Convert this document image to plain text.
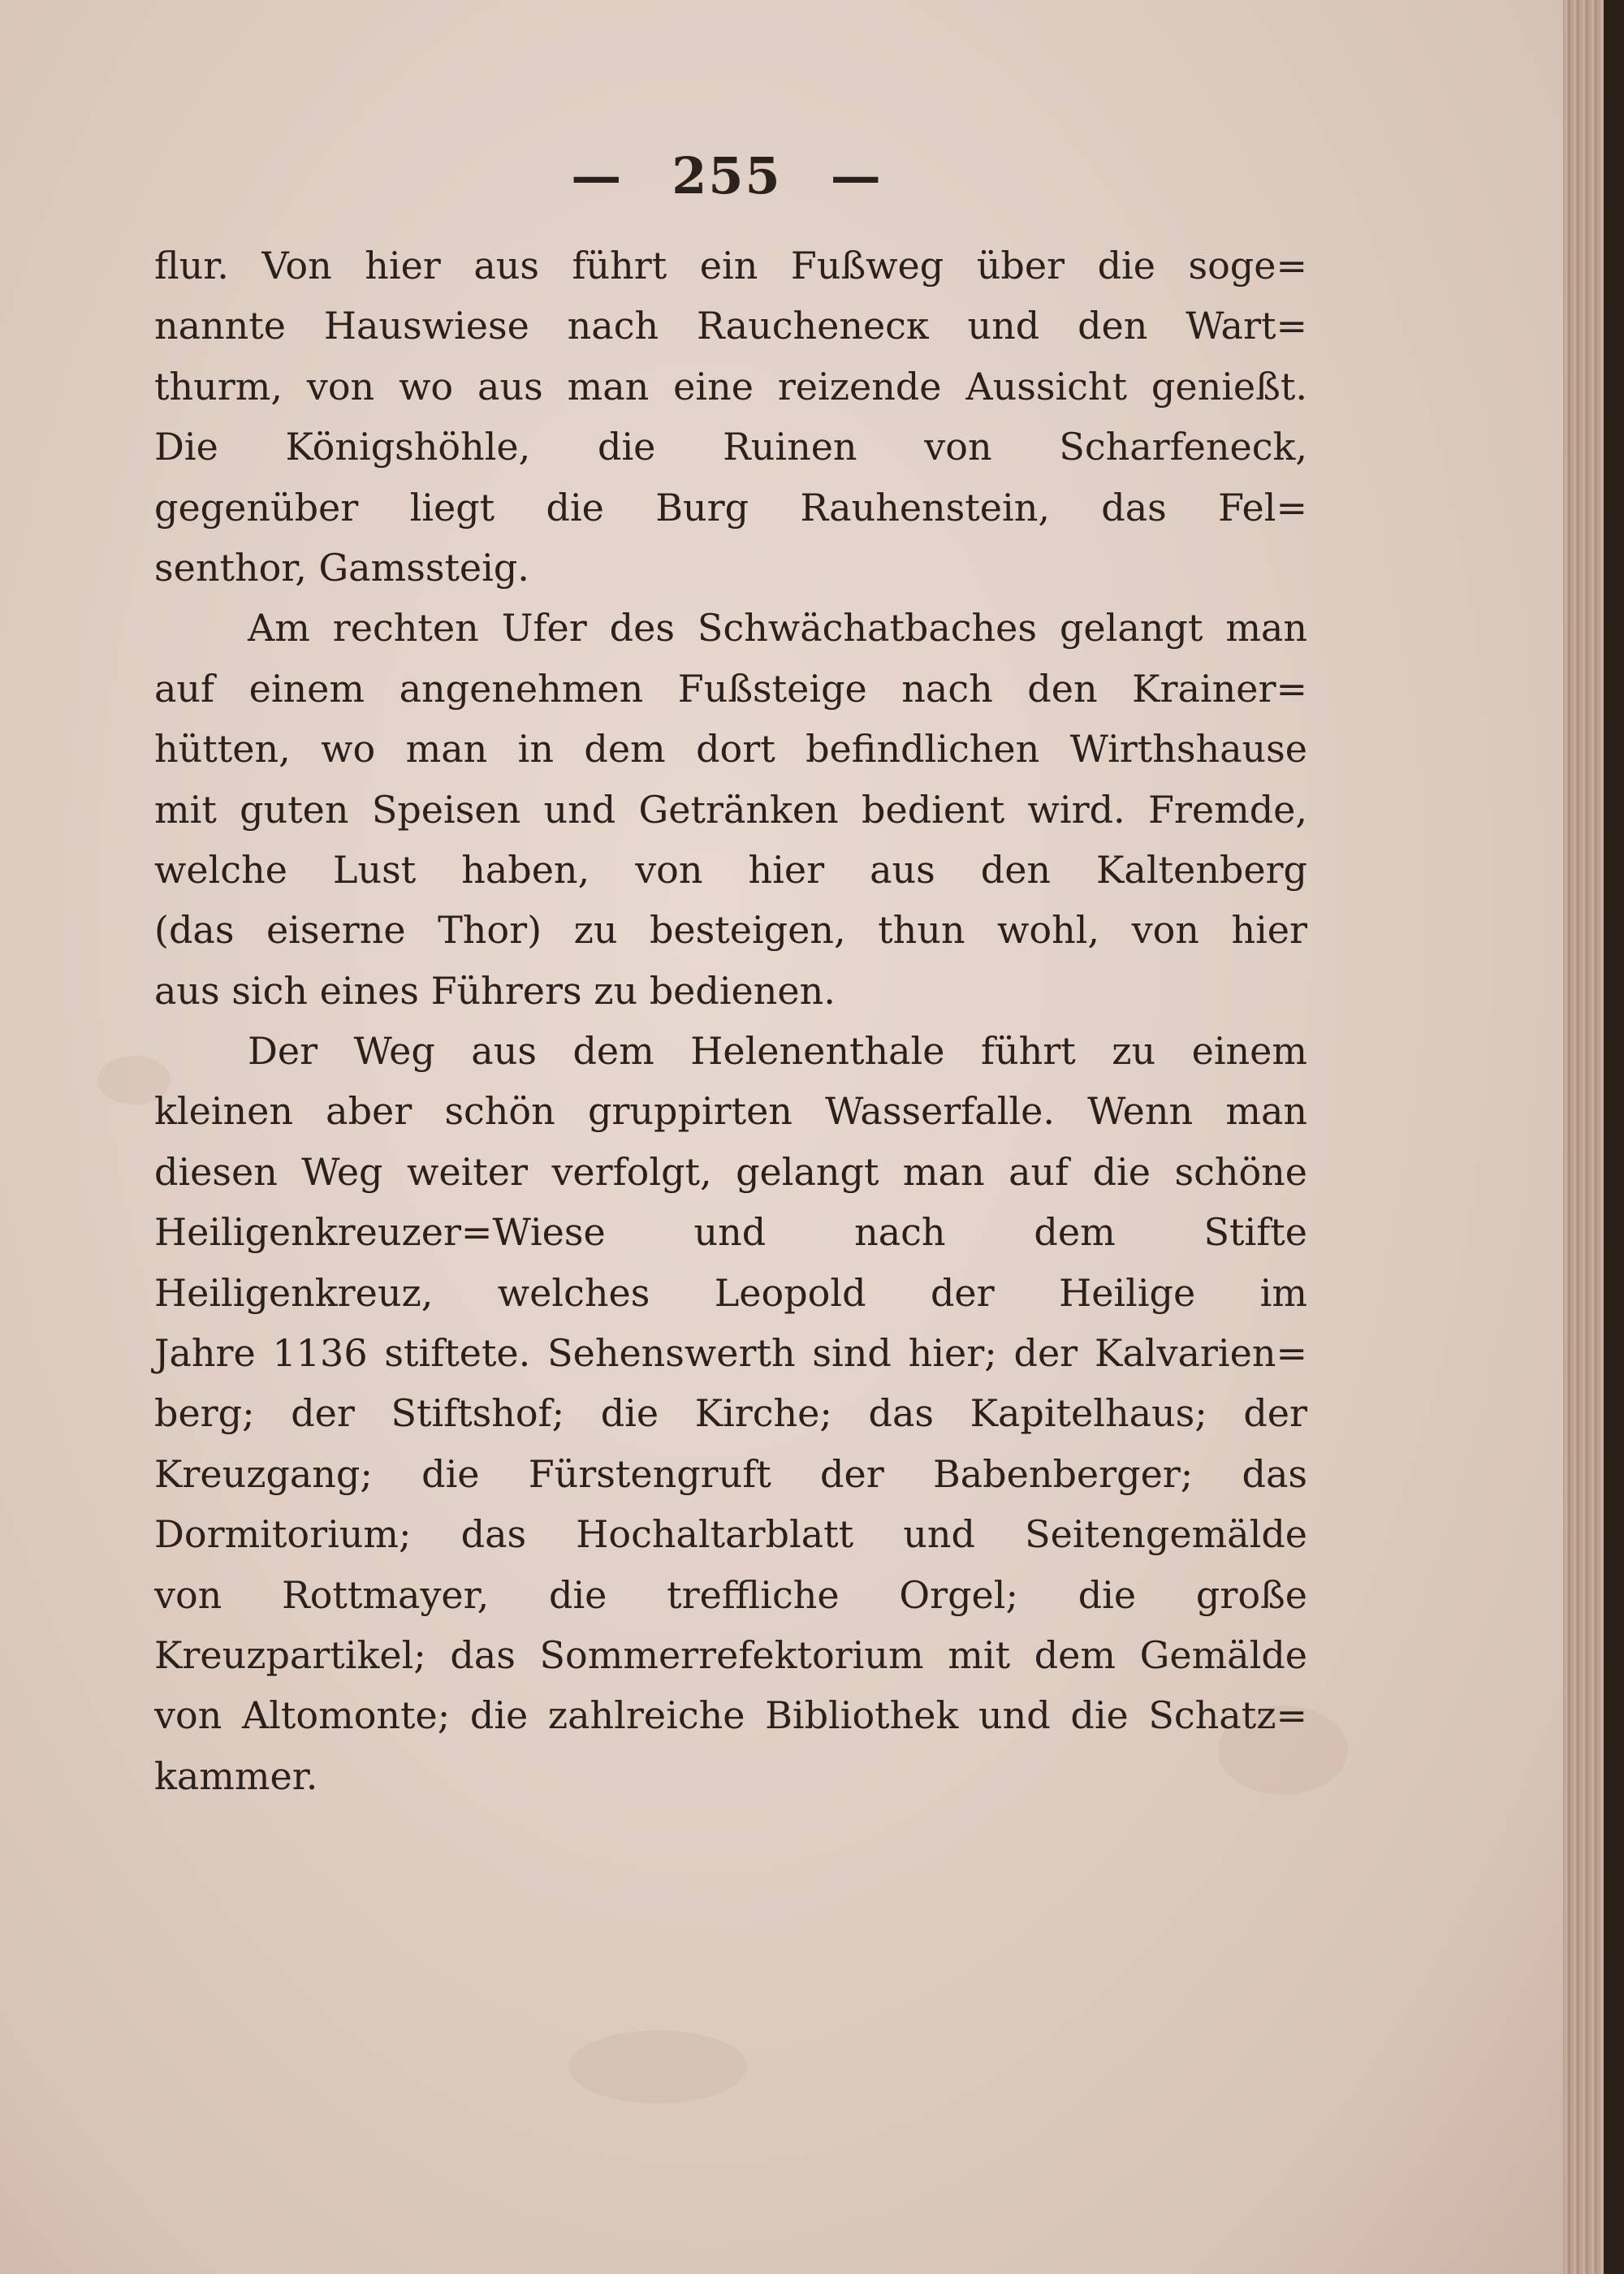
— 255 —
flur. Von hier aus führt ein Fußweg über die soge=
nannte Hauswiese nach Rauchenecк und den Wart=
thurm, von wo aus man eine reizende Aussicht genießt.
Die Königshöhle, die Ruinen von Scharfeneck,
gegenüber liegt die Burg Rauhenstein, das Fel=
senthor, Gamssteig.
Am rechten Ufer des Schwächatbaches gelangt man
auf einem angenehmen Fußsteige nach den Krainer=
hütten, wo man in dem dort befindlichen Wirthshause
mit guten Speisen und Getränken bedient wird. Fremde,
welche Lust haben, von hier aus den Kaltenberg
(das eiserne Thor) zu besteigen, thun wohl, von hier
aus sich eines Führers zu bedienen.
Der Weg aus dem Helenenthale führt zu einem
kleinen aber schön gruppirten Wasserfalle. Wenn man
diesen Weg weiter verfolgt, gelangt man auf die schöne
Heiligenkreuzer=Wiese und nach dem Stifte
Heiligenkreuz, welches Leopold der Heilige im
Jahre 1136 stiftete. Sehenswerth sind hier; der Kalvarien=
berg; der Stiftshof; die Kirche; das Kapitelhaus; der
Kreuzgang; die Fürstengruft der Babenberger; das
Dormitorium; das Hochaltarblatt und Seitengemälde
von Rottmayer, die treffliche Orgel; die große
Kreuzpartikel; das Sommerrefektorium mit dem Gemälde
von Altomonte; die zahlreiche Bibliothek und die Schatz=
kammer.
